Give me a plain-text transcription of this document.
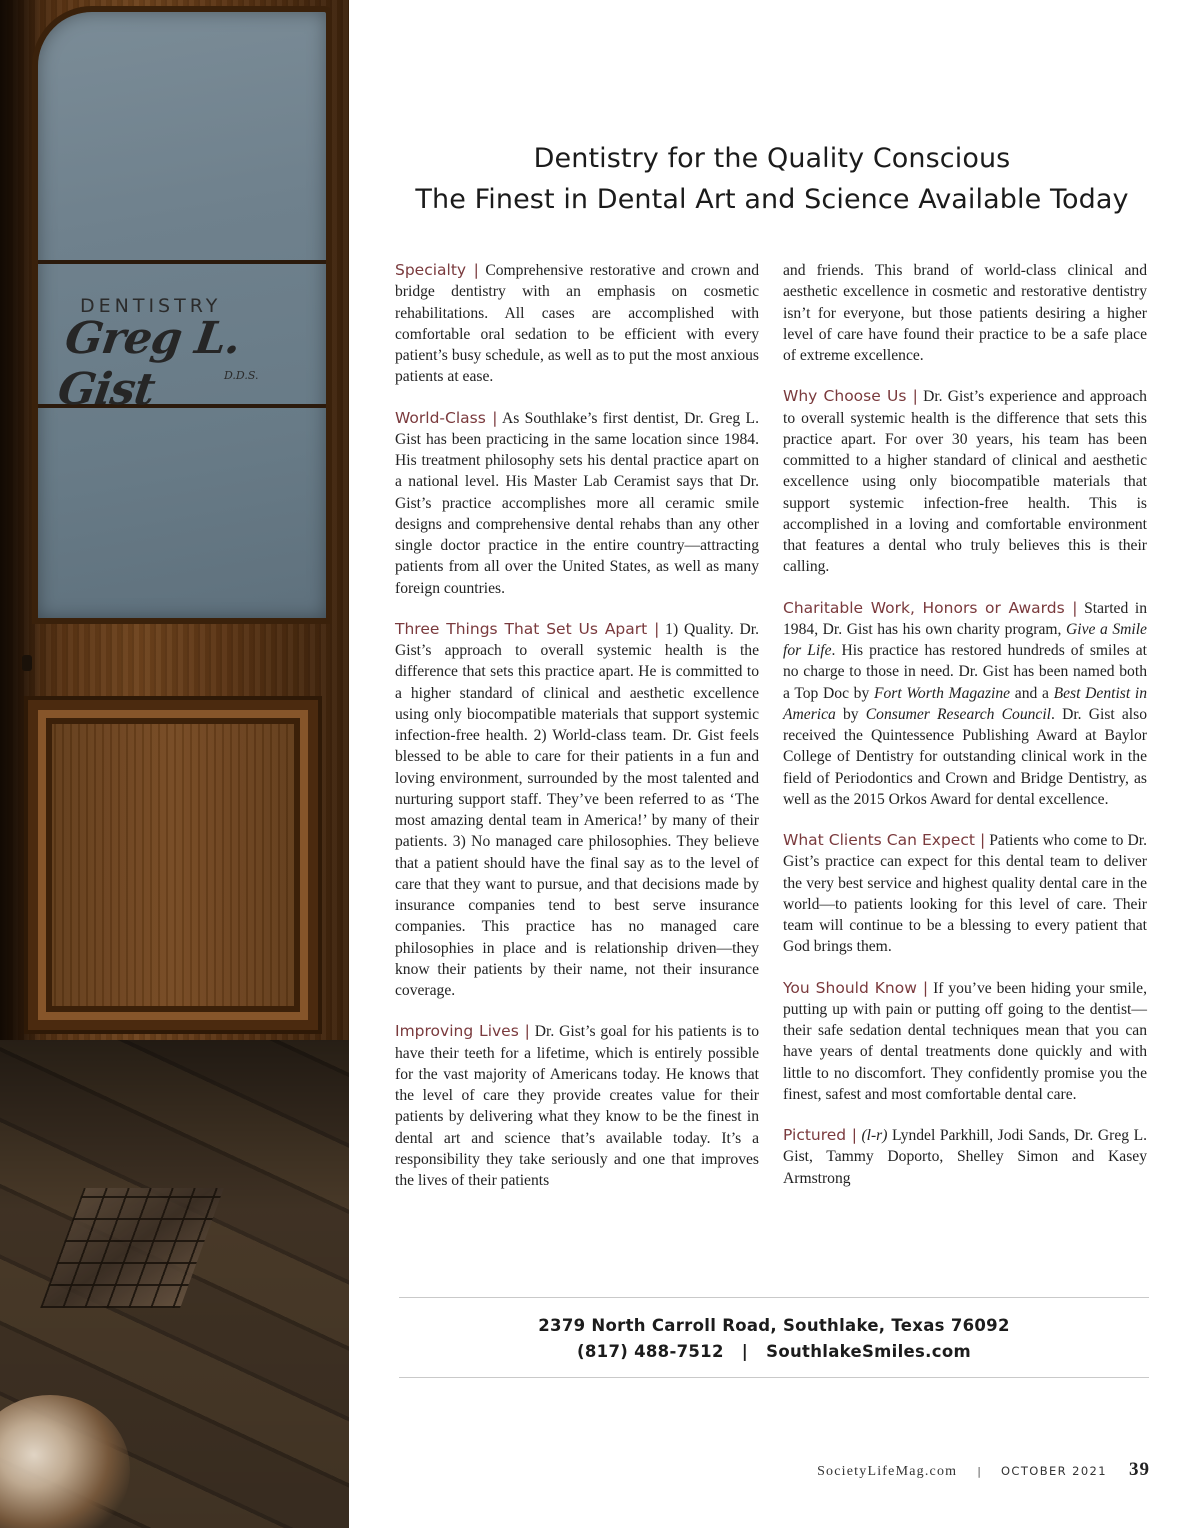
DENTISTRY
Greg L. Gist	D.D.S.
Dentistry for the Quality Conscious
The Finest in Dental Art and Science Available Today

Specialty | Comprehensive restorative and crown and bridge dentistry with an emphasis on cosmetic rehabilitations. All cases are accomplished with comfortable oral sedation to be efficient with every patient’s busy schedule, as well as to put the most anxious patients at ease.

World-Class | As Southlake’s first dentist, Dr. Greg L. Gist has been practicing in the same location since 1984. His treatment philosophy sets his dental practice apart on a national level. His Master Lab Ceramist says that Dr. Gist’s practice accomplishes more all ceramic smile designs and comprehensive dental rehabs than any other single doctor practice in the entire country—attracting patients from all over the United States, as well as many foreign countries.

Three Things That Set Us Apart | 1) Quality. Dr. Gist’s approach to overall systemic health is the difference that sets this practice apart. He is committed to a higher standard of clinical and aesthetic excellence using only biocompatible materials that support systemic infection-free health. 2) World-class team. Dr. Gist feels blessed to be able to care for their patients in a fun and loving environment, surrounded by the most talented and nurturing support staff. They’ve been referred to as ‘The most amazing dental team in America!’ by many of their patients. 3) No managed care philosophies. They believe that a patient should have the final say as to the level of care that they want to pursue, and that decisions made by insurance companies tend to best serve insurance companies. This practice has no managed care philosophies in place and is relationship driven—they know their patients by their name, not their insurance coverage.

Improving Lives | Dr. Gist’s goal for his patients is to have their teeth for a lifetime, which is entirely possible for the vast majority of Americans today. He knows that the level of care they provide creates value for their patients by delivering what they know to be the finest in dental art and science that’s available today. It’s a responsibility they take seriously and one that improves the lives of their patients

and friends. This brand of world-class clinical and aesthetic excellence in cosmetic and restorative dentistry isn’t for everyone, but those patients desiring a higher level of care have found their practice to be a safe place of extreme excellence.

Why Choose Us | Dr. Gist’s experience and approach to overall systemic health is the difference that sets this practice apart. For over 30 years, his team has been committed to a higher standard of clinical and aesthetic excellence using only biocompatible materials that support systemic infection-free health. This is accomplished in a loving and comfortable environment that features a dental who truly believes this is their calling.

Charitable Work, Honors or Awards | Started in 1984, Dr. Gist has his own charity program, Give a Smile for Life. His practice has restored hundreds of smiles at no charge to those in need. Dr. Gist has been named both a Top Doc by Fort Worth Magazine and a Best Dentist in America by Consumer Research Council. Dr. Gist also received the Quintessence Publishing Award at Baylor College of Dentistry for outstanding clinical work in the field of Periodontics and Crown and Bridge Dentistry, as well as the 2015 Orkos Award for dental excellence.

What Clients Can Expect | Patients who come to Dr. Gist’s practice can expect for this dental team to deliver the very best service and highest quality dental care in the world—to patients looking for this level of care. Their team will continue to be a blessing to every patient that God brings them.

You Should Know | If you’ve been hiding your smile, putting up with pain or putting off going to the dentist—their safe sedation dental techniques mean that you can have years of dental treatments done quickly and with little to no discomfort. They confidently promise you the finest, safest and most comfortable dental care.

Pictured | (l-r) Lyndel Parkhill, Jodi Sands, Dr. Greg L. Gist, Tammy Doporto, Shelley Simon and Kasey Armstrong

2379 North Carroll Road, Southlake, Texas 76092
(817) 488-7512 | SouthlakeSmiles.com
SocietyLifeMag.com | OCTOBER 2021 39
